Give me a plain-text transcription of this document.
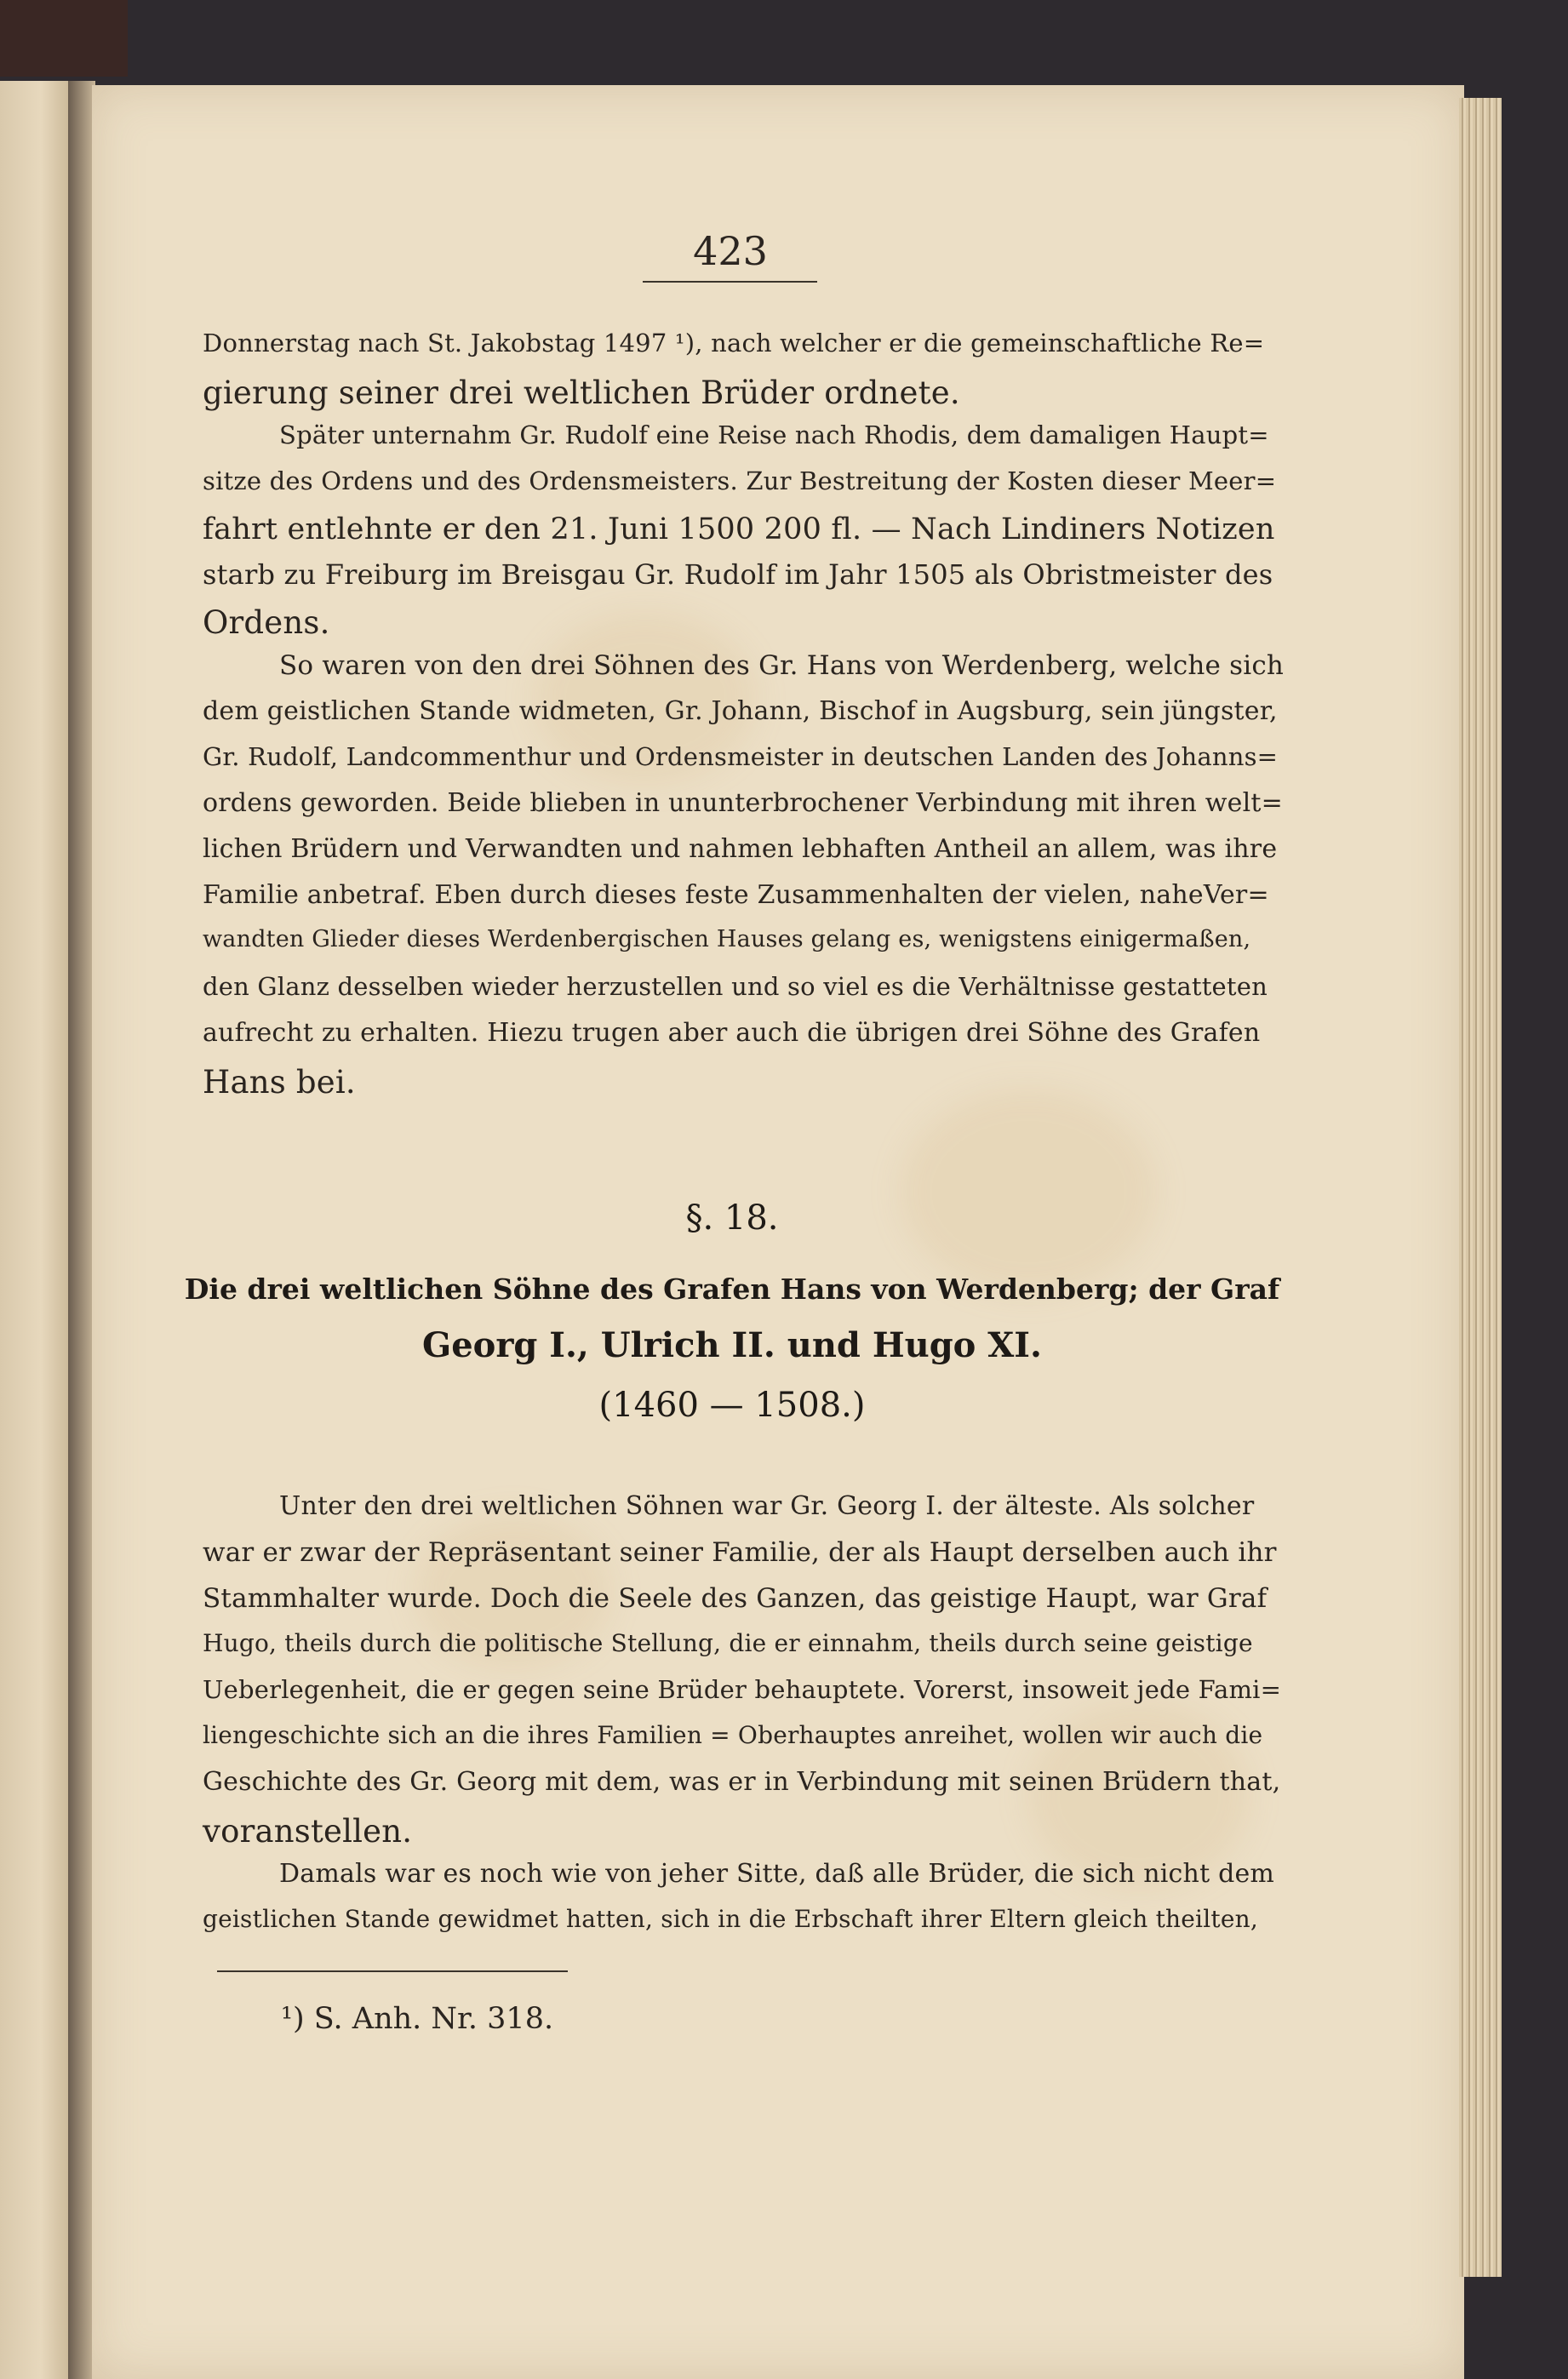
423
Donnerstag nach St. Jakobstag 1497 ¹), nach welcher er die gemeinschaftliche Re=
gierung seiner drei weltlichen Brüder ordnete.
Später unternahm Gr. Rudolf eine Reise nach Rhodis, dem damaligen Haupt=
sitze des Ordens und des Ordensmeisters. Zur Bestreitung der Kosten dieser Meer=
fahrt entlehnte er den 21. Juni 1500 200 fl. — Nach Lindiners Notizen
starb zu Freiburg im Breisgau Gr. Rudolf im Jahr 1505 als Obristmeister des
Ordens.
So waren von den drei Söhnen des Gr. Hans von Werdenberg, welche sich
dem geistlichen Stande widmeten, Gr. Johann, Bischof in Augsburg, sein jüngster,
Gr. Rudolf, Landcommenthur und Ordensmeister in deutschen Landen des Johanns=
ordens geworden. Beide blieben in ununterbrochener Verbindung mit ihren welt=
lichen Brüdern und Verwandten und nahmen lebhaften Antheil an allem, was ihre
Familie anbetraf. Eben durch dieses feste Zusammenhalten der vielen, naheVer=
wandten Glieder dieses Werdenbergischen Hauses gelang es, wenigstens einigermaßen,
den Glanz desselben wieder herzustellen und so viel es die Verhältnisse gestatteten
aufrecht zu erhalten. Hiezu trugen aber auch die übrigen drei Söhne des Grafen
Hans bei.
§. 18.
Die drei weltlichen Söhne des Grafen Hans von Werdenberg; der Graf
Georg I., Ulrich II. und Hugo XI.
(1460 — 1508.)
Unter den drei weltlichen Söhnen war Gr. Georg I. der älteste. Als solcher
war er zwar der Repräsentant seiner Familie, der als Haupt derselben auch ihr
Stammhalter wurde. Doch die Seele des Ganzen, das geistige Haupt, war Graf
Hugo, theils durch die politische Stellung, die er einnahm, theils durch seine geistige
Ueberlegenheit, die er gegen seine Brüder behauptete. Vorerst, insoweit jede Fami=
liengeschichte sich an die ihres Familien = Oberhauptes anreihet, wollen wir auch die
Geschichte des Gr. Georg mit dem, was er in Verbindung mit seinen Brüdern that,
voranstellen.
Damals war es noch wie von jeher Sitte, daß alle Brüder, die sich nicht dem
geistlichen Stande gewidmet hatten, sich in die Erbschaft ihrer Eltern gleich theilten,
¹) S. Anh. Nr. 318.
